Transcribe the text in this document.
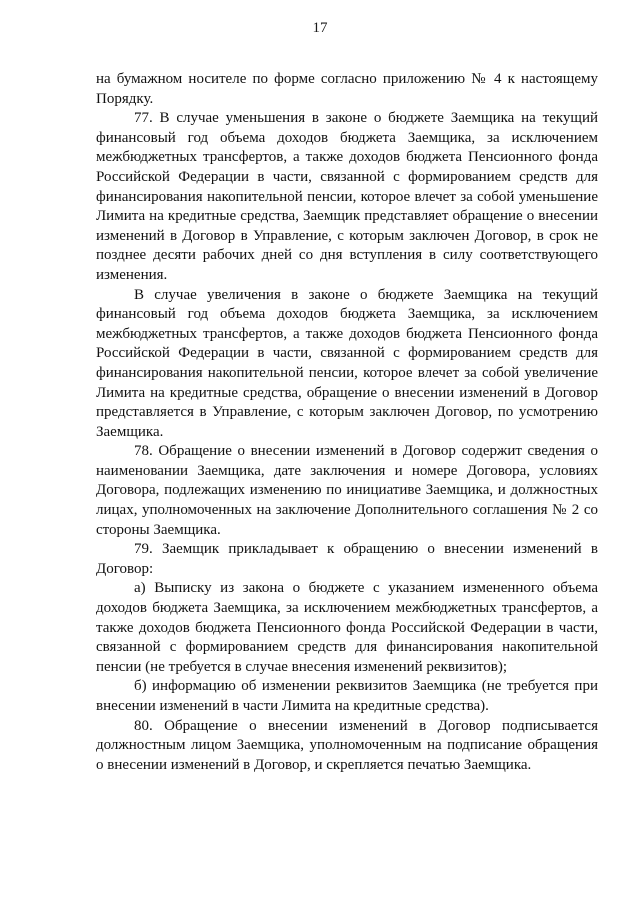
17

на бумажном носителе по форме согласно приложению № 4 к настоящему Порядку.

77. В случае уменьшения в законе о бюджете Заемщика на текущий финансовый год объема доходов бюджета Заемщика, за исключением межбюджетных трансфертов, а также доходов бюджета Пенсионного фонда Российской Федерации в части, связанной с формированием средств для финансирования накопительной пенсии, которое влечет за собой уменьшение Лимита на кредитные средства, Заемщик представляет обращение о внесении изменений в Договор в Управление, с которым заключен Договор, в срок не позднее десяти рабочих дней со дня вступления в силу соответствующего изменения.

В случае увеличения в законе о бюджете Заемщика на текущий финансовый год объема доходов бюджета Заемщика, за исключением межбюджетных трансфертов, а также доходов бюджета Пенсионного фонда Российской Федерации в части, связанной с формированием средств для финансирования накопительной пенсии, которое влечет за собой увеличение Лимита на кредитные средства, обращение о внесении изменений в Договор представляется в Управление, с которым заключен Договор, по усмотрению Заемщика.

78. Обращение о внесении изменений в Договор содержит сведения о наименовании Заемщика, дате заключения и номере Договора, условиях Договора, подлежащих изменению по инициативе Заемщика, и должностных лицах, уполномоченных на заключение Дополнительного соглашения № 2 со стороны Заемщика.

79. Заемщик прикладывает к обращению о внесении изменений в Договор:

а) Выписку из закона о бюджете с указанием измененного объема доходов бюджета Заемщика, за исключением межбюджетных трансфертов, а также доходов бюджета Пенсионного фонда Российской Федерации в части, связанной с формированием средств для финансирования накопительной пенсии (не требуется в случае внесения изменений реквизитов);

б) информацию об изменении реквизитов Заемщика (не требуется при внесении изменений в части Лимита на кредитные средства).

80. Обращение о внесении изменений в Договор подписывается должностным лицом Заемщика, уполномоченным на подписание обращения о внесении изменений в Договор, и скрепляется печатью Заемщика.
